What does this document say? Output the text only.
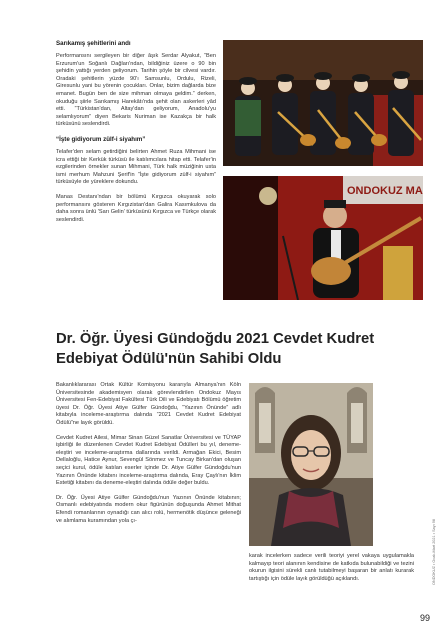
Sarıkamış şehitlerini andı

Performansını sergileyen bir diğer âşık Serdar Alyakut, “Ben Erzurum'un Soğanlı Dağları'ndan, bildiğiniz üzere o 90 bin şehidin yattığı yerden geliyorum. Tarihin şöyle bir cilvesi vardır. Oradaki şehitlerin yüzde 90'ı Samsunlu, Ordulu, Rizeli, Giresunlu yani bu yörenin çocukları. Onlar, bizim dağlarda bize emanet. Bugün ben de size mihman olmaya geldim.” derken, okuduğu şiirle Sarıkamış Harekâtı'nda şehit olan askerleri yâd etti. “Türkistan'dan, Altay'dan geliyorum, Anadolu'yu selamlıyorum” diyen Bekaris Nuriman ise Kazakça bir halk türküsünü seslendirdi.

“İşte gidiyorum zülf-i siyahım”

Telafer'den selam getirdiğini belirten Ahmet Ruza Mihmani ise icra ettiği bir Kerkük türküsü ile katılımcılara hitap etti. Telafer'in ezgilerinden örnekler sunan Mihmani, Türk halk müziğinin usta ismi merhum Mahzuni Şerif'in “İşte gidiyorum zülf-i siyahım” türküsüyle de yüreklere dokundu.

Manas Destanı'ndan bir bölümü Kırgızca okuyarak solo performansını gösteren Kırgızistan'dan Galira Kasımkulova da daha sonra ünlü 'Sarı Gelin' türküsünü Kırgızca ve Türkçe olarak seslendirdi.

ONDOKUZ MA
Dr. Öğr. Üyesi Gündoğdu 2021 Cevdet Kudret Edebiyat Ödülü'nün Sahibi Oldu

Bakanlıklararası Ortak Kültür Komisyonu kararıyla Almanya'nın Köln Üniversitesinde akademisyen olarak görevlendirilen Ondokuz Mayıs Üniversitesi Fen-Edebiyat Fakültesi Türk Dili ve Edebiyatı Bölümü öğretim üyesi Dr. Öğr. Üyesi Atiye Gülfer Gündoğdu, “Yazının Önünde” adlı kitabıyla inceleme-araştırma dalında “2021 Cevdet Kudret Edebiyat Ödülü”ne layık görüldü.

Cevdet Kudret Ailesi, Mimar Sinan Güzel Sanatlar Üniversitesi ve TÜYAP işbirliği ile düzenlenen Cevdet Kudret Edebiyat Ödülleri bu yıl, deneme-eleştiri ve inceleme-araştırma dallarında verildi. Armağan Ekici, Besim Dellaloğlu, Hatice Aynur, Sevengül Sönmez ve Tuncay Birkan'dan oluşan seçici kurul, ödüle katılan eserler içinde Dr. Atiye Gülfer Gündoğdu'nun Yazının Önünde kitabını inceleme-araştırma dalında, Eray Çaylı'nın İklim Estetiği kitabını da deneme-eleştiri dalında ödüle değer buldu.

Dr. Öğr. Üyesi Atiye Gülfer Gündoğdu'nun Yazının Önünde kitabının; Osmanlı edebiyatında modern okur figürünün doğuşunda Ahmet Mithat Efendi romanlarının oynadığı can alıcı rolü, hermenötik düşünce geleneği ve alımlama kuramından yola çı-

karak incelerken sadece verili teoriyi yerel vakaya uygulamakla kalmayıp teori alanının kendisine de katkıda bulunabildiği ve tezini okurun ilgisini sürekli canlı tutabilmeyi başaran bir anlatı kurarak tartıştığı için ödüle layık görüldüğü açıklandı.	ONDOKUZ • Ocak-Mart 2021 • Sayı 98
99
